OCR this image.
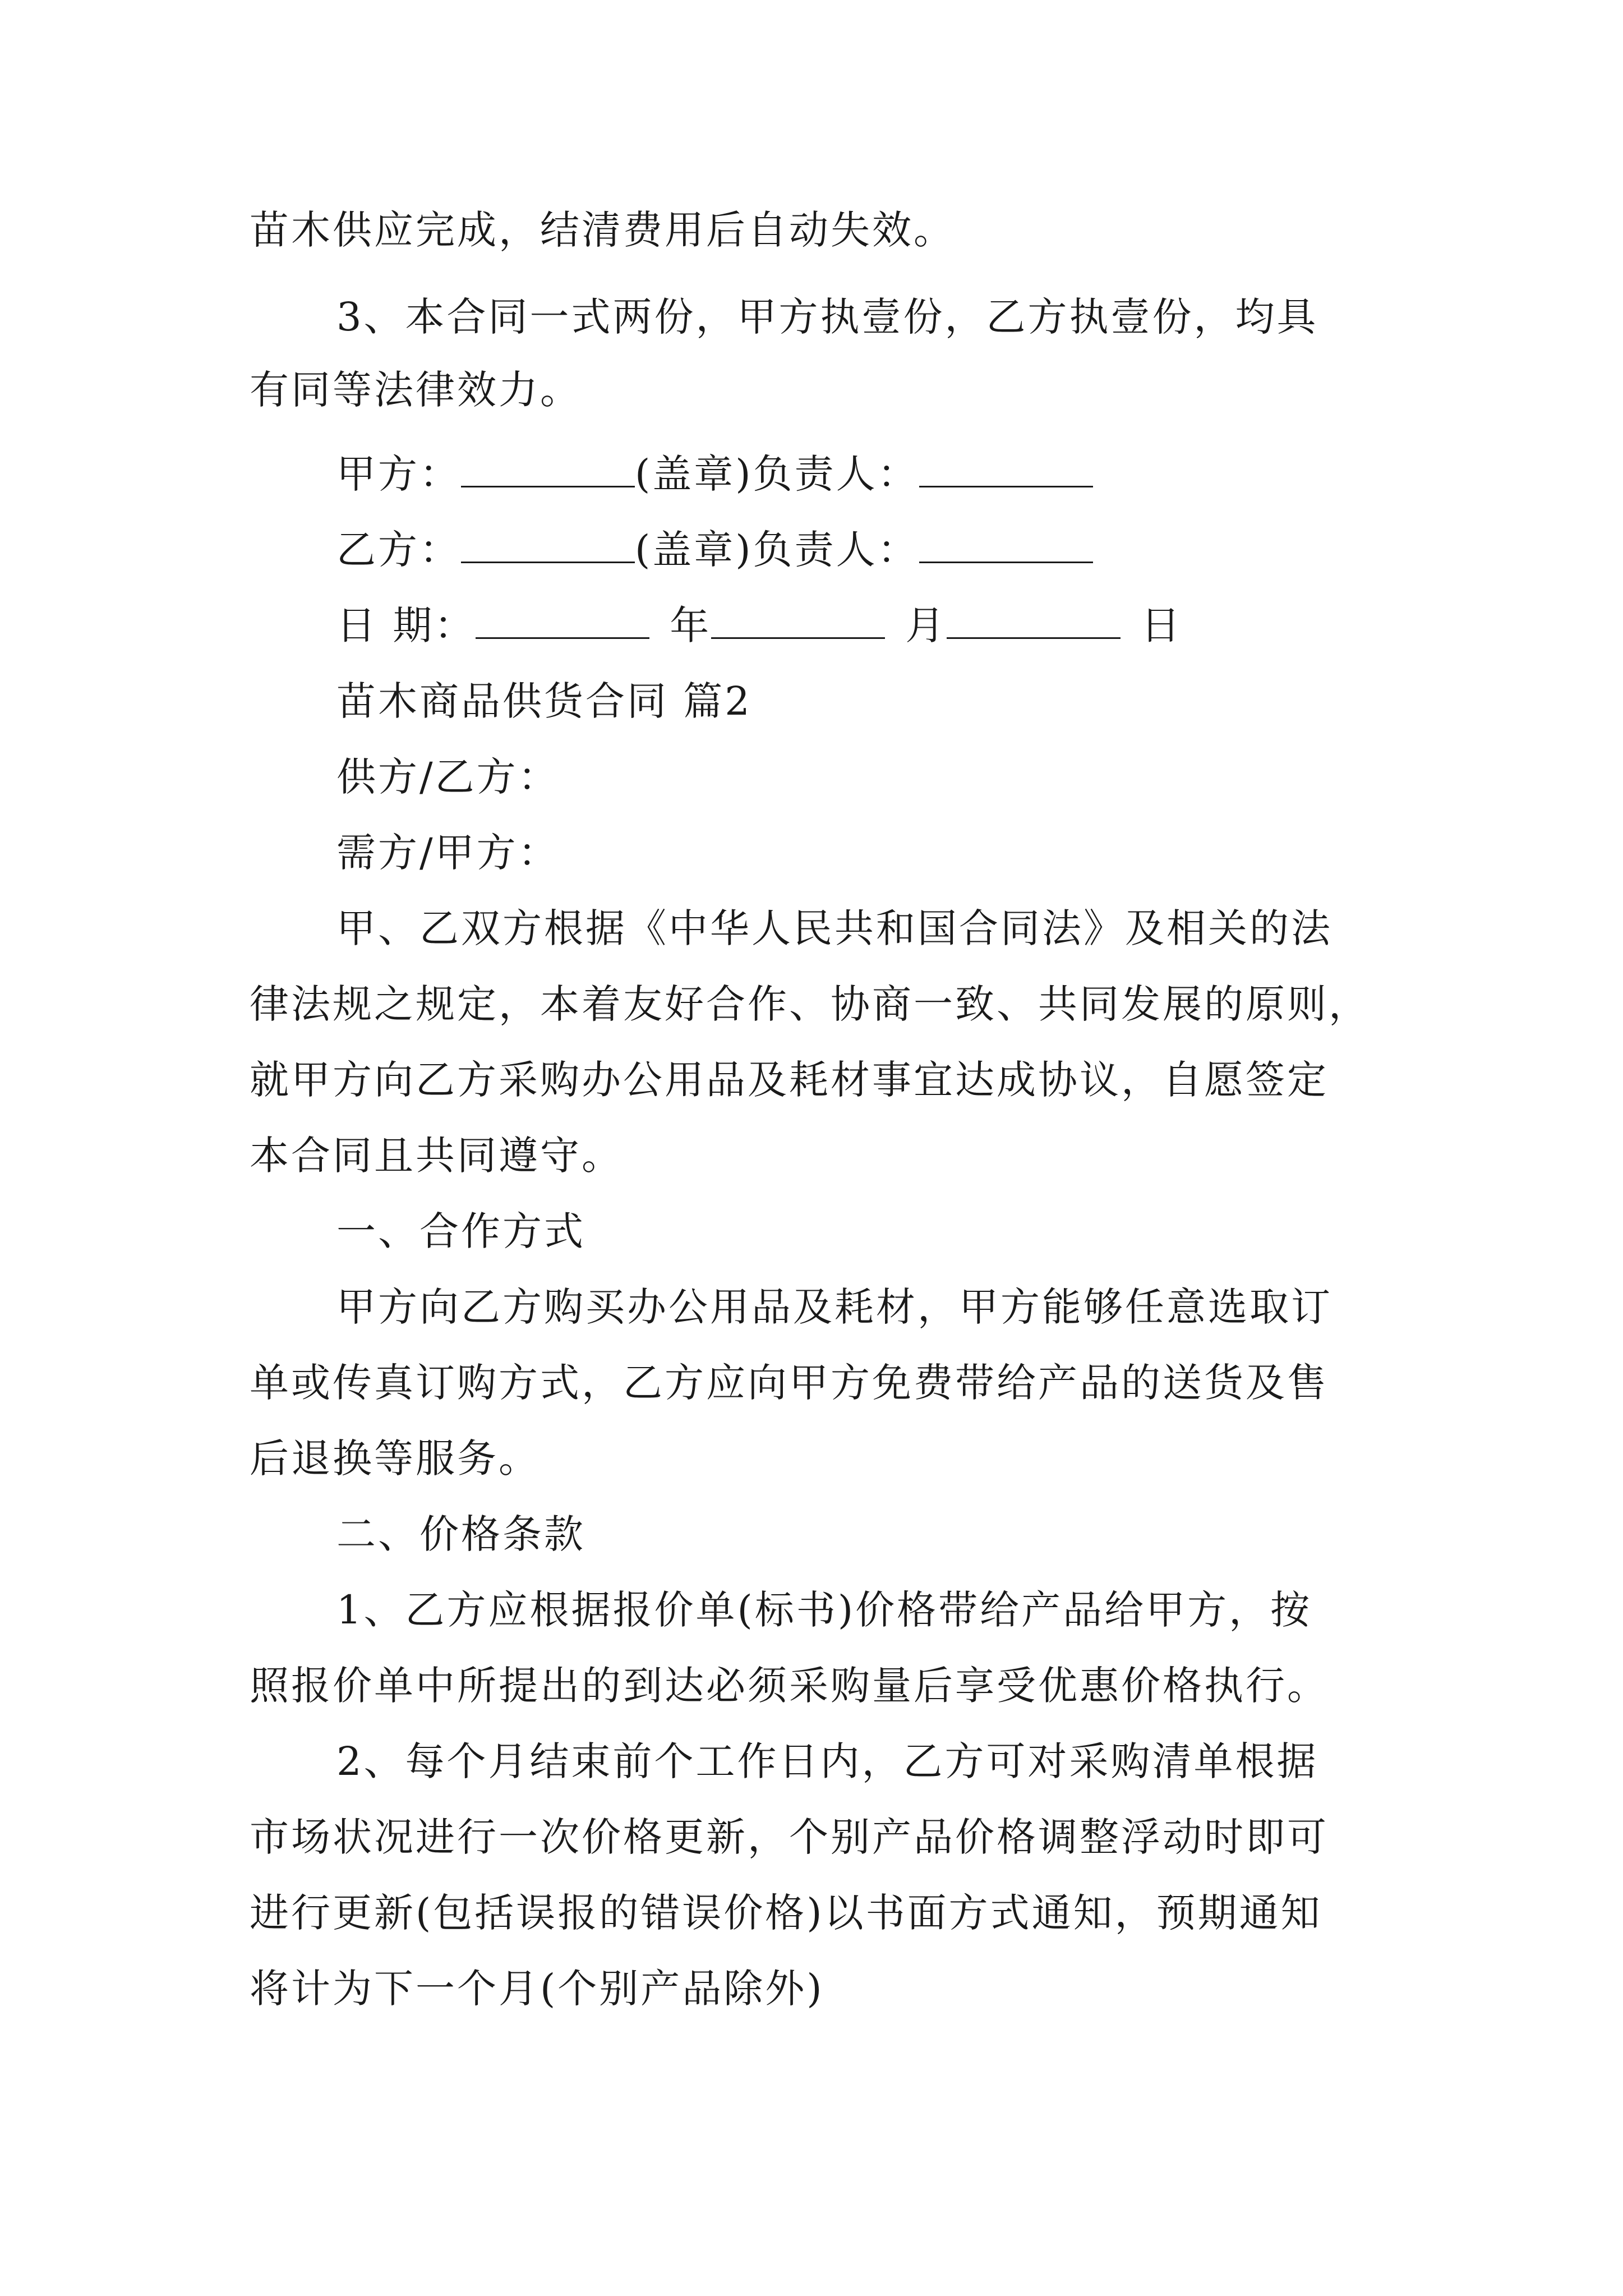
苗木供应完成，结清费用后自动失效。
3、本合同一式两份，甲方执壹份，乙方执壹份，均具
有同等法律效力。
甲方：	(盖章)负责人：
乙方：	(盖章)负责人：
日 期：	年	月	日
苗木商品供货合同 篇2
供方/乙方：
需方/甲方：
甲、乙双方根据《中华人民共和国合同法》及相关的法
律法规之规定，本着友好合作、协商一致、共同发展的原则，
就甲方向乙方采购办公用品及耗材事宜达成协议，自愿签定
本合同且共同遵守。
一、合作方式
甲方向乙方购买办公用品及耗材，甲方能够任意选取订
单或传真订购方式，乙方应向甲方免费带给产品的送货及售
后退换等服务。
二、价格条款
1、乙方应根据报价单(标书)价格带给产品给甲方，按
照报价单中所提出的到达必须采购量后享受优惠价格执行。
2、每个月结束前个工作日内，乙方可对采购清单根据
市场状况进行一次价格更新，个别产品价格调整浮动时即可
进行更新(包括误报的错误价格)以书面方式通知，预期通知
将计为下一个月(个别产品除外)
